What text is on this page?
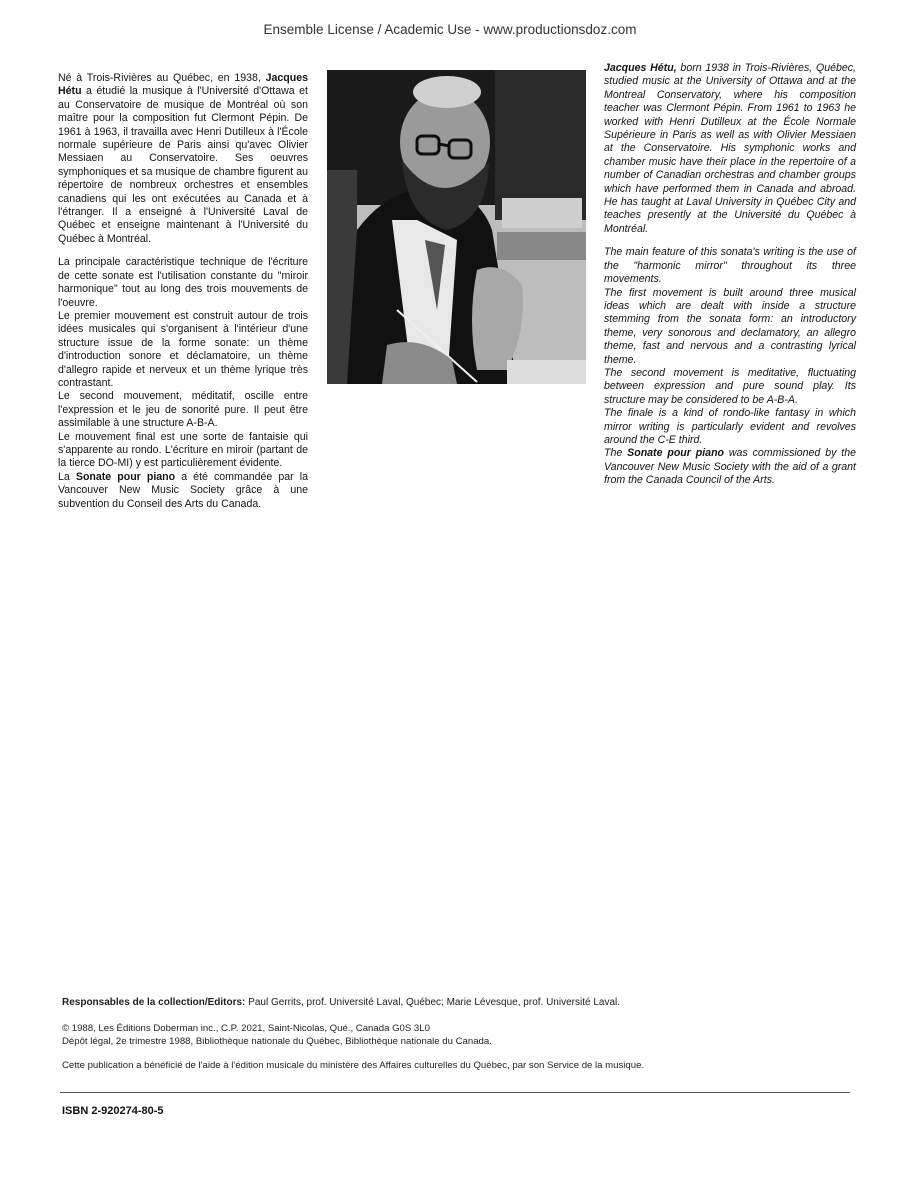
Ensemble License / Academic Use - www.productionsdoz.com

Né à Trois-Rivières au Québec, en 1938, Jacques Hétu a étudié la musique à l'Université d'Ottawa et au Conservatoire de musique de Montréal où son maître pour la composition fut Clermont Pépin. De 1961 à 1963, il travailla avec Henri Dutilleux à l'École normale supérieure de Paris ainsi qu'avec Olivier Messiaen au Conservatoire. Ses oeuvres symphoniques et sa musique de chambre figurent au répertoire de nombreux orchestres et ensembles canadiens qui les ont exécutées au Canada et à l'étranger. Il a enseigné à l'Université Laval de Québec et enseigne maintenant à l'Université du Québec à Montréal.

La principale caractéristique technique de l'écriture de cette sonate est l'utilisation constante du "miroir harmonique" tout au long des trois mouvements de l'oeuvre.

Le premier mouvement est construit autour de trois idées musicales qui s'organisent à l'intérieur d'une structure issue de la forme sonate: un thème d'introduction sonore et déclamatoire, un thème d'allegro rapide et nerveux et un thème lyrique très contrastant.

Le second mouvement, méditatif, oscille entre l'expression et le jeu de sonorité pure. Il peut être assimilable à une structure A-B-A.

Le mouvement final est une sorte de fantaisie qui s'apparente au rondo. L'écriture en miroir (partant de la tierce DO-MI) y est particulièrement évidente.

La Sonate pour piano a été commandée par la Vancouver New Music Society grâce à une subvention du Conseil des Arts du Canada.

Jacques Hétu, born 1938 in Trois-Rivières, Québec, studied music at the University of Ottawa and at the Montreal Conservatory, where his composition teacher was Clermont Pépin. From 1961 to 1963 he worked with Henri Dutilleux at the École Normale Supérieure in Paris as well as with Olivier Messiaen at the Conservatoire. His symphonic works and chamber music have their place in the repertoire of a number of Canadian orchestras and chamber groups which have performed them in Canada and abroad. He has taught at Laval University in Québec City and teaches presently at the Université du Québec à Montréal.

The main feature of this sonata's writing is the use of the "harmonic mirror" throughout its three movements.

The first movement is built around three musical ideas which are dealt with inside a structure stemming from the sonata form: an introductory theme, very sonorous and declamatory, an allegro theme, fast and nervous and a contrasting lyrical theme.

The second movement is meditative, fluctuating between expression and pure sound play. Its structure may be considered to be A-B-A.

The finale is a kind of rondo-like fantasy in which mirror writing is particularly evident and revolves around the C-E third.

The Sonate pour piano was commissioned by the Vancouver New Music Society with the aid of a grant from the Canada Council of the Arts.

Responsables de la collection/Editors: Paul Gerrits, prof. Université Laval, Québec; Marie Lévesque, prof. Université Laval.

© 1988, Les Éditions Doberman inc., C.P. 2021, Saint-Nicolas, Qué., Canada G0S 3L0

Dépôt légal, 2e trimestre 1988, Bibliothèque nationale du Québec, Bibliothèque nationale du Canada.

Cette publication a bénéficié de l'aide à l'édition musicale du ministère des Affaires culturelles du Québec, par son Service de la musique.
ISBN 2-920274-80-5
